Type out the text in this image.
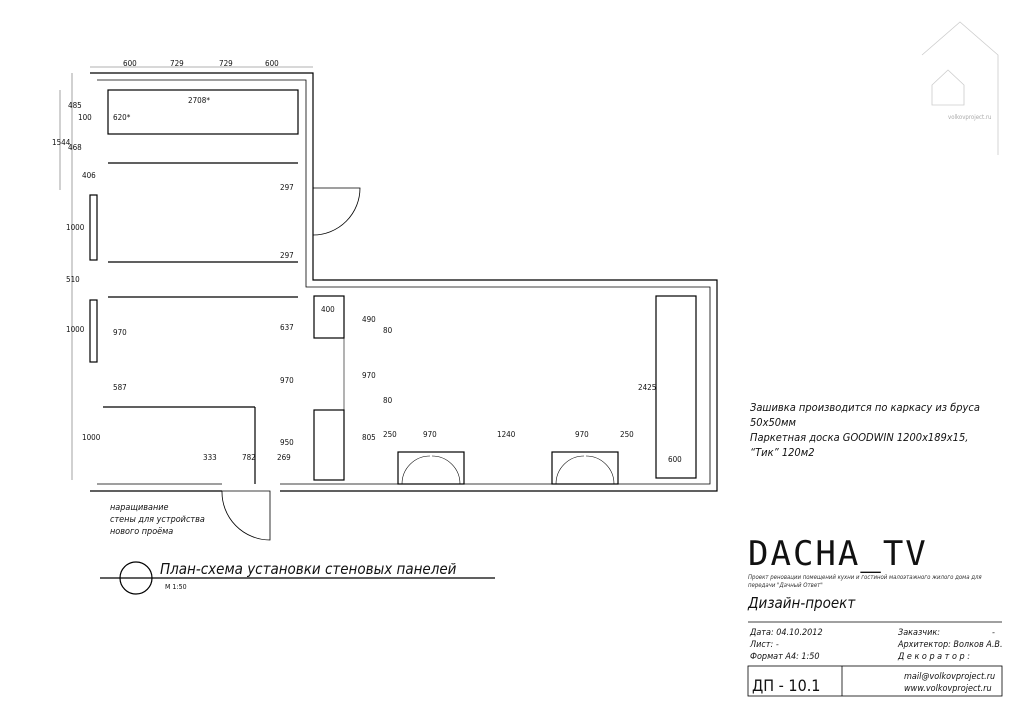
600	729	729	600
2708*
297
297
637
970
950
620*
970
587
485
100
1544
468
406
1000
510
1000
1000
333	782	269
400
490
80
970
80
805 250	970	1240	970	250
2425
600
volkovproject.ru
Зашивка производится по каркасу из бруса
50х50мм
Паркетная доска GOODWIN 1200х189х15,
“Тик” 120м2
наращивание
стены для устройства
нового проёма
План-схема установки стеновых панелей
М 1:50
DACHA_TV
Проект реновации помещений кухни и гостиной малоэтажного жилого дома для передачи "Дачный Ответ"
Дизайн-проект
Дата: 04.10.2012
Лист: -
Формат А4: 1:50
Заказчик:	-
Архитектор: Волков А.В.
Д е к о р а т о р :
ДП - 10.1	mail@volkovproject.ru
www.volkovproject.ru
